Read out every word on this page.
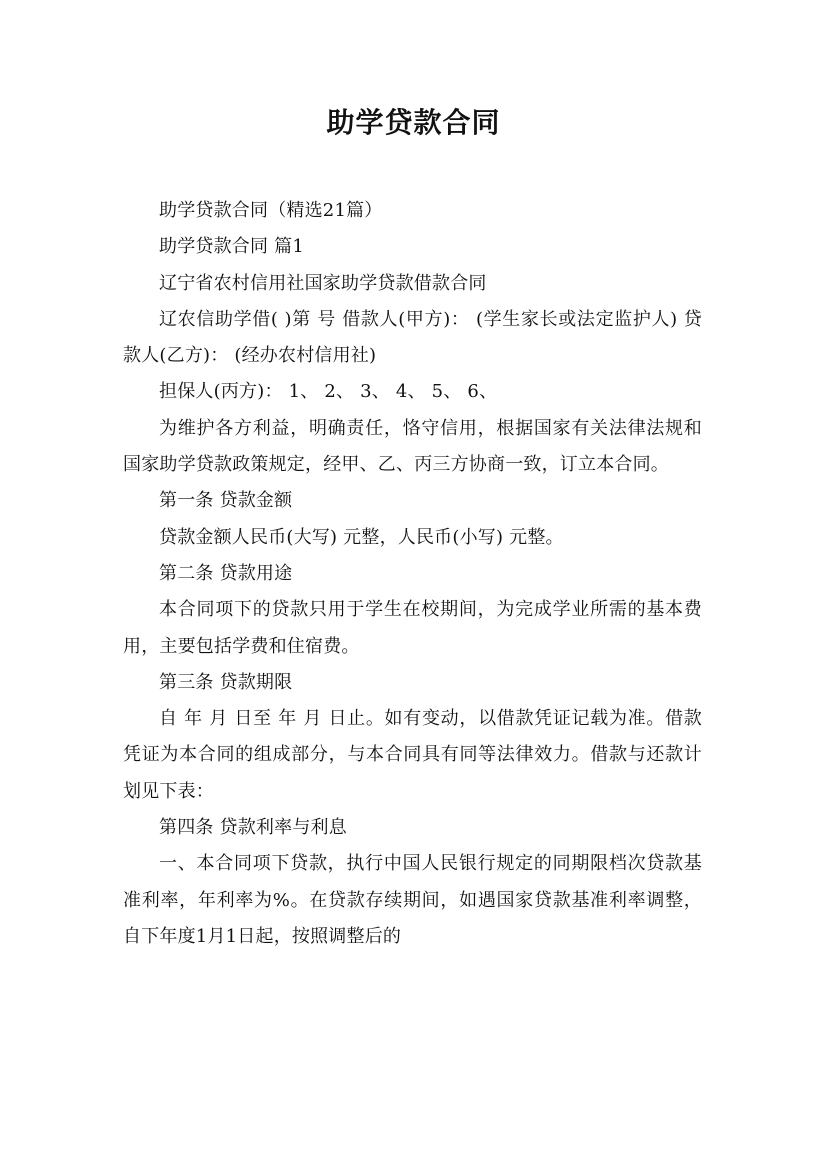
助学贷款合同

助学贷款合同（精选21篇）

助学贷款合同 篇1

辽宁省农村信用社国家助学贷款借款合同

辽农信助学借( )第 号 借款人(甲方)： (学生家长或法定监护人) 贷款人(乙方)： (经办农村信用社)

担保人(丙方)： 1、 2、 3、 4、 5、 6、

为维护各方利益，明确责任，恪守信用，根据国家有关法律法规和国家助学贷款政策规定，经甲、乙、丙三方协商一致，订立本合同。

第一条 贷款金额

贷款金额人民币(大写) 元整，人民币(小写) 元整。

第二条 贷款用途

本合同项下的贷款只用于学生在校期间，为完成学业所需的基本费用，主要包括学费和住宿费。

第三条 贷款期限

自 年 月 日至 年 月 日止。如有变动，以借款凭证记载为准。借款凭证为本合同的组成部分，与本合同具有同等法律效力。借款与还款计划见下表：

第四条 贷款利率与利息

一、本合同项下贷款，执行中国人民银行规定的同期限档次贷款基准利率，年利率为%。在贷款存续期间，如遇国家贷款基准利率调整，自下年度1月1日起，按照调整后的
